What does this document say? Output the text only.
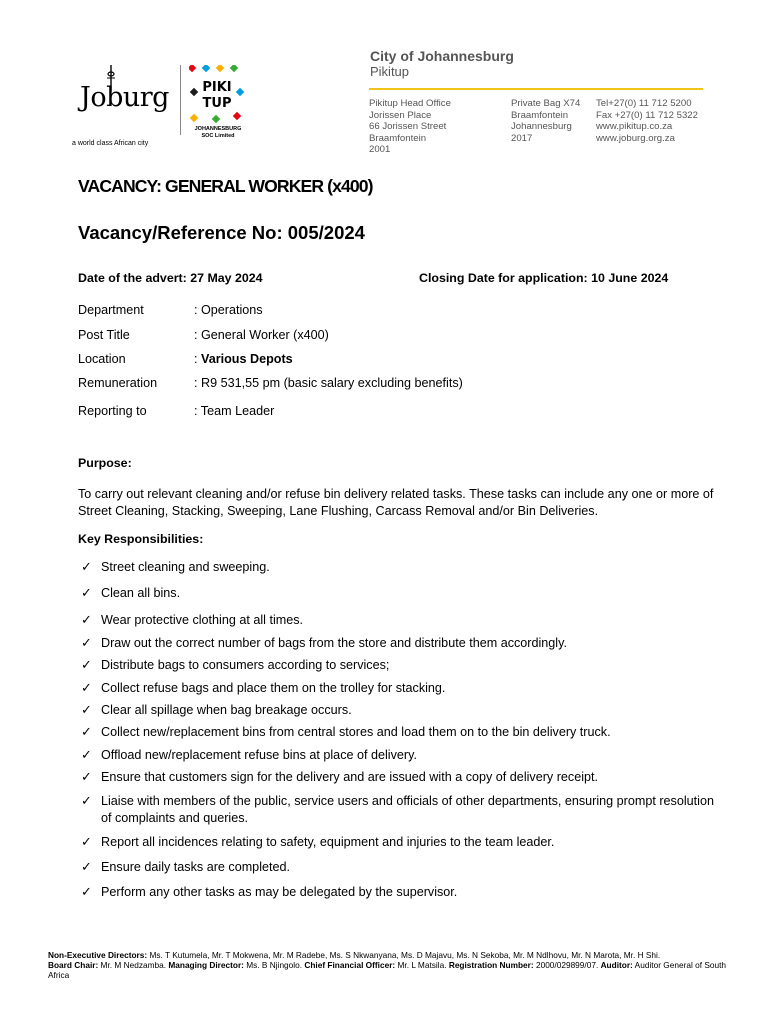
Joburg
a world class African city
PIKI
TUP
JOHANNESBURG
SOC Limited
City of Johannesburg
Pikitup
Pikitup Head Office
Jorissen Place
66 Jorissen Street
Braamfontein
2001
Private Bag X74
Braamfontein
Johannesburg
2017
Tel+27(0) 11 712 5200
Fax +27(0) 11 712 5322
www.pikitup.co.za
www.joburg.org.za
VACANCY: GENERAL WORKER (x400)
Vacancy/Reference No: 005/2024
Date of the advert: 27 May 2024	Closing Date for application: 10 June 2024
Department	: Operations
Post Title	: General Worker (x400)
Location	: Various Depots
Remuneration	: R9 531,55 pm (basic salary excluding benefits)
Reporting to	: Team Leader
Purpose:
To carry out relevant cleaning and/or refuse bin delivery related tasks. These tasks can include any one or more of Street Cleaning, Stacking, Sweeping, Lane Flushing, Carcass Removal and/or Bin Deliveries.
Key Responsibilities:
✓ Street cleaning and sweeping.
✓ Clean all bins.
✓ Wear protective clothing at all times.
✓ Draw out the correct number of bags from the store and distribute them accordingly.
✓ Distribute bags to consumers according to services;
✓ Collect refuse bags and place them on the trolley for stacking.
✓ Clear all spillage when bag breakage occurs.
✓ Collect new/replacement bins from central stores and load them on to the bin delivery truck.
✓ Offload new/replacement refuse bins at place of delivery.
✓ Ensure that customers sign for the delivery and are issued with a copy of delivery receipt.
✓ Liaise with members of the public, service users and officials of other departments, ensuring prompt resolution of complaints and queries.
✓ Report all incidences relating to safety, equipment and injuries to the team leader.
✓ Ensure daily tasks are completed.
✓ Perform any other tasks as may be delegated by the supervisor.
Non-Executive Directors: Ms. T Kutumela, Mr. T Mokwena, Mr. M Radebe, Ms. S Nkwanyana, Ms. D Majavu, Ms. N Sekoba, Mr. M Ndlhovu, Mr. N Marota, Mr. H Shi.
Board Chair: Mr. M Nedzamba. Managing Director: Ms. B Njingolo. Chief Financial Officer: Mr. L Matsila. Registration Number: 2000/029899/07. Auditor: Auditor General of South Africa
